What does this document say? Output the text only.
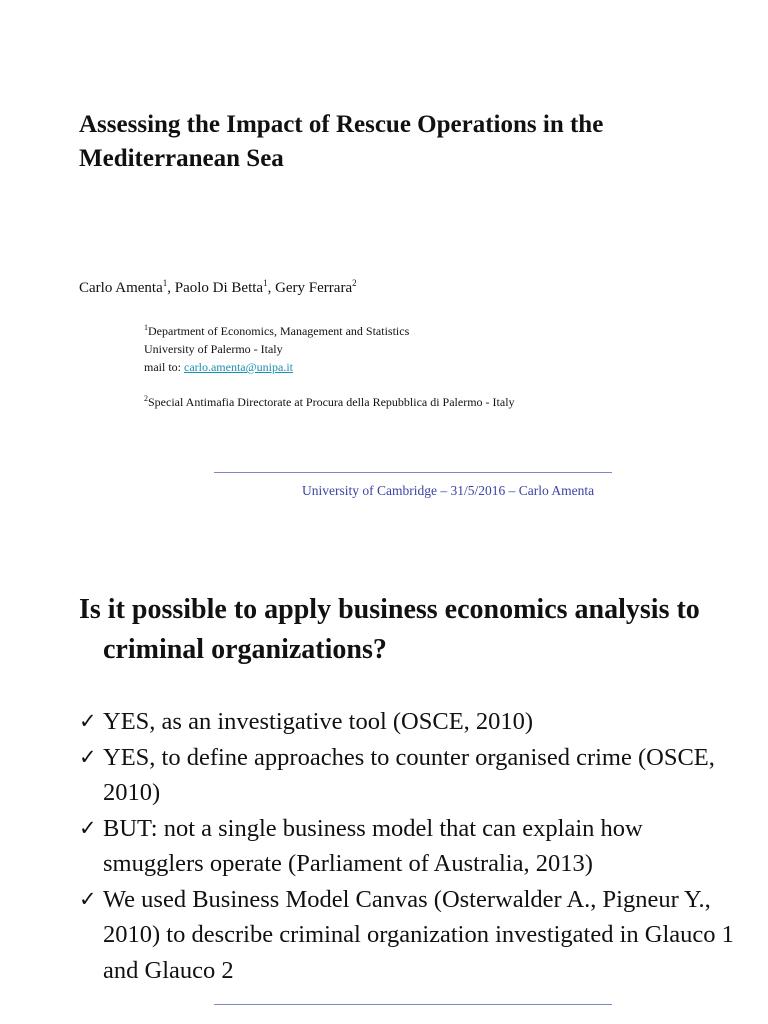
Assessing the Impact of Rescue Operations in the Mediterranean Sea
Carlo Amenta$^1$, Paolo Di Betta$^1$, Gery Ferrara$^2$
$^1$Department of Economics, Management and Statistics
University of Palermo - Italy
mail to: carlo.amenta@unipa.it
$^2$Special Antimafia Directorate at Procura della Repubblica di Palermo - Italy
University of Cambridge – 31/5/2016 – Carlo Amenta
Is it possible to apply business economics analysis to criminal organizations?
✓ YES, as an investigative tool (OSCE, 2010)
✓ YES, to define approaches to counter organised crime (OSCE, 2010)
✓ BUT: not a single business model that can explain how smugglers operate (Parliament of Australia, 2013)
✓ We used Business Model Canvas (Osterwalder A., Pigneur Y., 2010) to describe criminal organization investigated in Glauco 1 and Glauco 2
